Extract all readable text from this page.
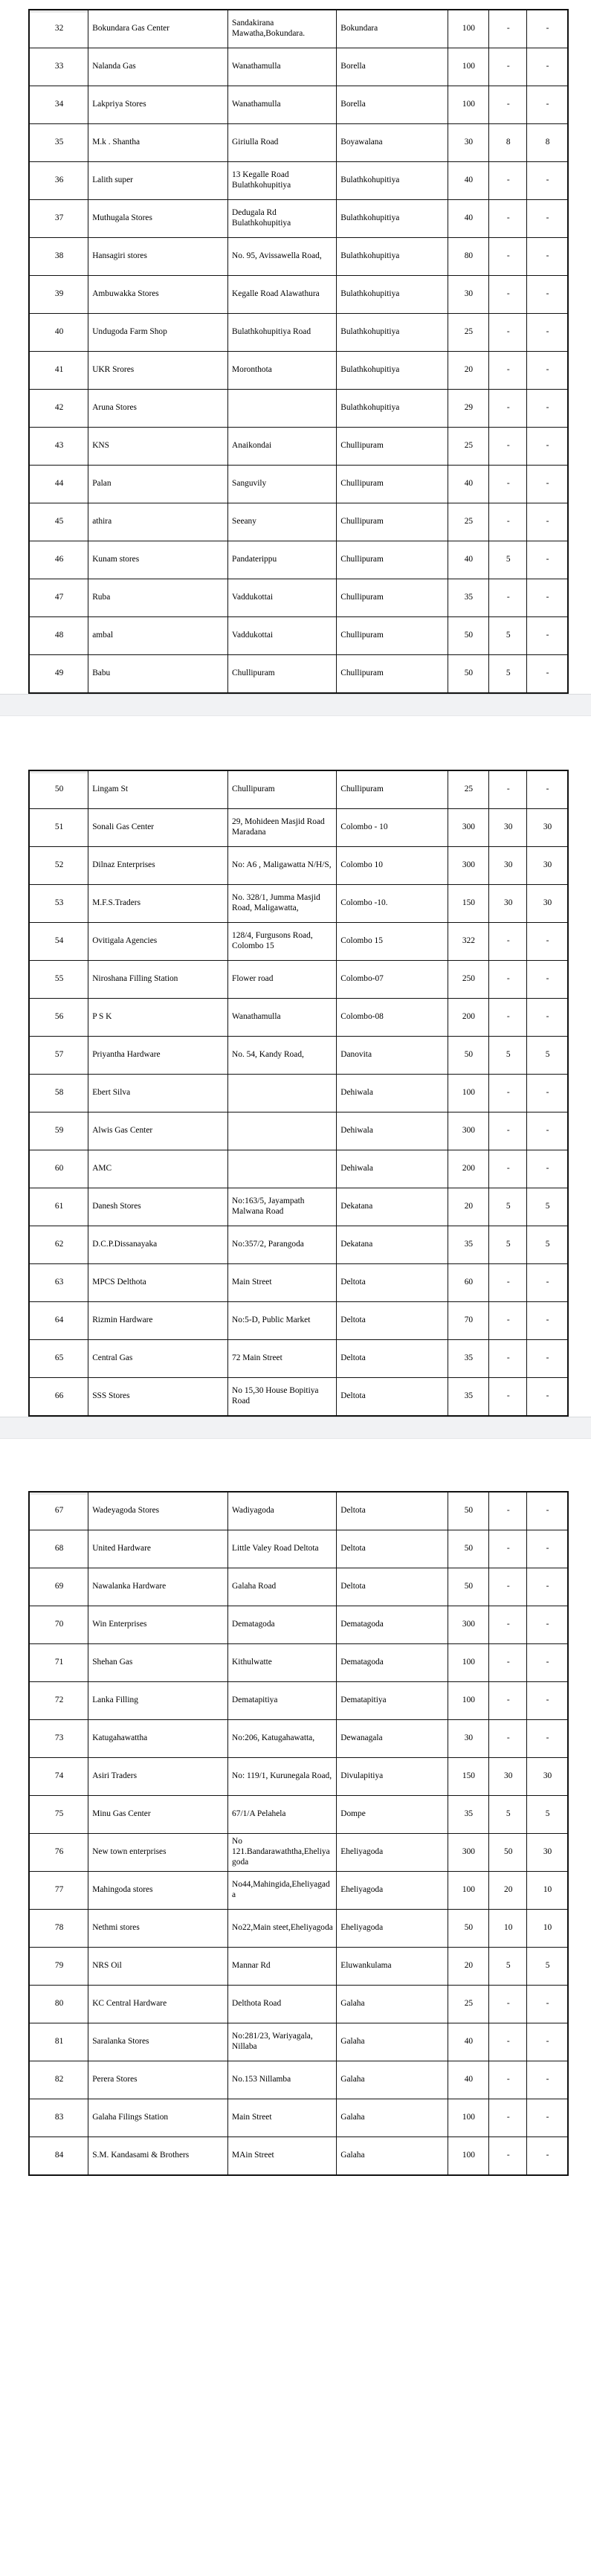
32	Bokundara Gas Center	Sandakirana Mawatha,Bokundara.	Bokundara	100	-	-
33	Nalanda Gas	Wanathamulla	Borella	100	-	-
34	Lakpriya Stores	Wanathamulla	Borella	100	-	-
35	M.k . Shantha	Giriulla Road	Boyawalana	30	8	8
36	Lalith super	13 Kegalle Road Bulathkohupitiya	Bulathkohupitiya	40	-	-
37	Muthugala Stores	Dedugala Rd Bulathkohupitiya	Bulathkohupitiya	40	-	-
38	Hansagiri stores	No. 95, Avissawella Road,	Bulathkohupitiya	80	-	-
39	Ambuwakka Stores	Kegalle Road Alawathura	Bulathkohupitiya	30	-	-
40	Undugoda Farm Shop	Bulathkohupitiya Road	Bulathkohupitiya	25	-	-
41	UKR Srores	Moronthota	Bulathkohupitiya	20	-	-
42	Aruna Stores		Bulathkohupitiya	29	-	-
43	KNS	Anaikondai	Chullipuram	25	-	-
44	Palan	Sanguvily	Chullipuram	40	-	-
45	athira	Seeany	Chullipuram	25	-	-
46	Kunam stores	Pandaterippu	Chullipuram	40	5	-
47	Ruba	Vaddukottai	Chullipuram	35	-	-
48	ambal	Vaddukottai	Chullipuram	50	5	-
49	Babu	Chullipuram	Chullipuram	50	5	-
50	Lingam St	Chullipuram	Chullipuram	25	-	-
51	Sonali Gas Center	29, Mohideen Masjid Road Maradana	Colombo - 10	300	30	30
52	Dilnaz Enterprises	No: A6 , Maligawatta N/H/S,	Colombo 10	300	30	30
53	M.F.S.Traders	No. 328/1, Jumma Masjid Road, Maligawatta,	Colombo -10.	150	30	30
54	Ovitigala Agencies	128/4, Furgusons Road, Colombo 15	Colombo 15	322	-	-
55	Niroshana Filling Station	Flower road	Colombo-07	250	-	-
56	P S K	Wanathamulla	Colombo-08	200	-	-
57	Priyantha Hardware	No. 54, Kandy Road,	Danovita	50	5	5
58	Ebert Silva		Dehiwala	100	-	-
59	Alwis Gas Center		Dehiwala	300	-	-
60	AMC		Dehiwala	200	-	-
61	Danesh Stores	No:163/5, Jayampath Malwana Road	Dekatana	20	5	5
62	D.C.P.Dissanayaka	No:357/2, Parangoda	Dekatana	35	5	5
63	MPCS Delthota	Main Street	Deltota	60	-	-
64	Rizmin Hardware	No:5-D, Public Market	Deltota	70	-	-
65	Central Gas	72 Main Street	Deltota	35	-	-
66	SSS Stores	No 15,30 House Bopitiya Road	Deltota	35	-	-
67	Wadeyagoda Stores	Wadiyagoda	Deltota	50	-	-
68	United Hardware	Little Valey Road Deltota	Deltota	50	-	-
69	Nawalanka Hardware	Galaha Road	Deltota	50	-	-
70	Win Enterprises	Dematagoda	Dematagoda	300	-	-
71	Shehan Gas	Kithulwatte	Dematagoda	100	-	-
72	Lanka Filling	Dematapitiya	Dematapitiya	100	-	-
73	Katugahawattha	No:206, Katugahawatta,	Dewanagala	30	-	-
74	Asiri Traders	No: 119/1, Kurunegala Road,	Divulapitiya	150	30	30
75	Minu Gas Center	67/1/A Pelahela	Dompe	35	5	5
76	New town enterprises	No 121.Bandarawaththa,Eheliyagoda	Eheliyagoda	300	50	30
77	Mahingoda stores	No44,Mahingida,Eheliyagada	Eheliyagoda	100	20	10
78	Nethmi stores	No22,Main steet,Eheliyagoda	Eheliyagoda	50	10	10
79	NRS Oil	Mannar Rd	Eluwankulama	20	5	5
80	KC Central Hardware	Delthota Road	Galaha	25	-	-
81	Saralanka Stores	No:281/23, Wariyagala, Nillaba	Galaha	40	-	-
82	Perera Stores	No.153 Nillamba	Galaha	40	-	-
83	Galaha Filings Station	Main Street	Galaha	100	-	-
84	S.M. Kandasami & Brothers	MAin Street	Galaha	100	-	-
